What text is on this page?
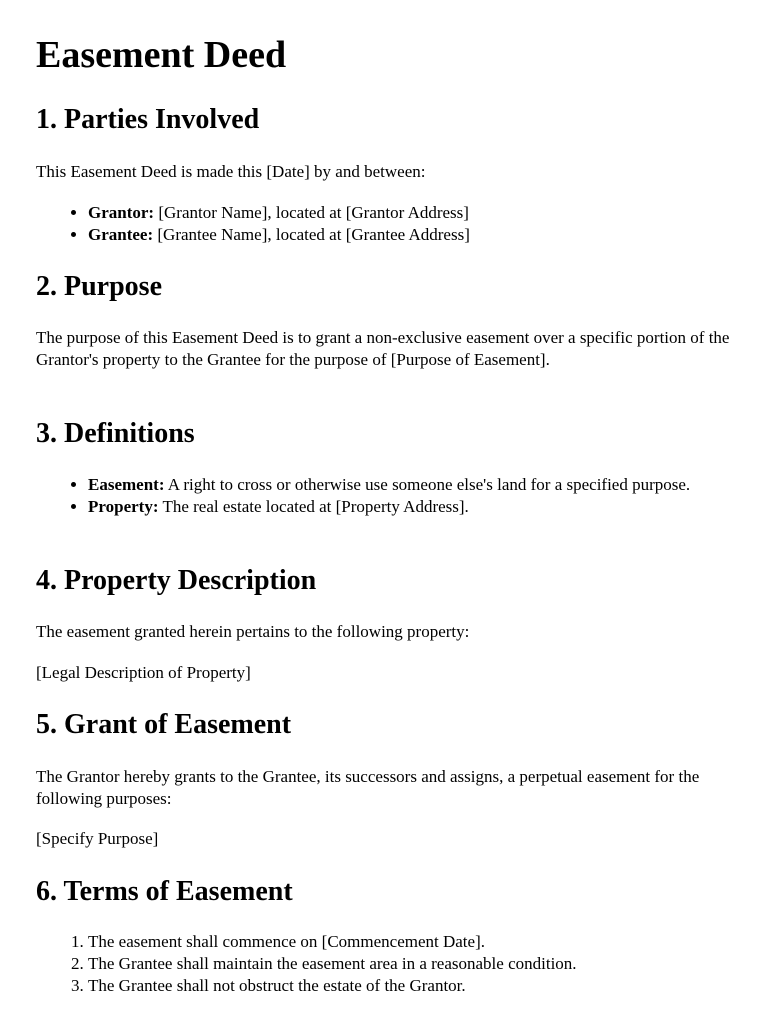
Easement Deed
1. Parties Involved

This Easement Deed is made this [Date] by and between:

• Grantor: [Grantor Name], located at [Grantor Address]
• Grantee: [Grantee Name], located at [Grantee Address]
2. Purpose

The purpose of this Easement Deed is to grant a non-exclusive easement over a specific portion of the Grantor's property to the Grantee for the purpose of [Purpose of Easement].

3. Definitions
• Easement: A right to cross or otherwise use someone else's land for a specified purpose.
• Property: The real estate located at [Property Address].
4. Property Description

The easement granted herein pertains to the following property:

[Legal Description of Property]

5. Grant of Easement

The Grantor hereby grants to the Grantee, its successors and assigns, a perpetual easement for the following purposes:

[Specify Purpose]

6. Terms of Easement
1. The easement shall commence on [Commencement Date].
2. The Grantee shall maintain the easement area in a reasonable condition.
3. The Grantee shall not obstruct the estate of the Grantor.
